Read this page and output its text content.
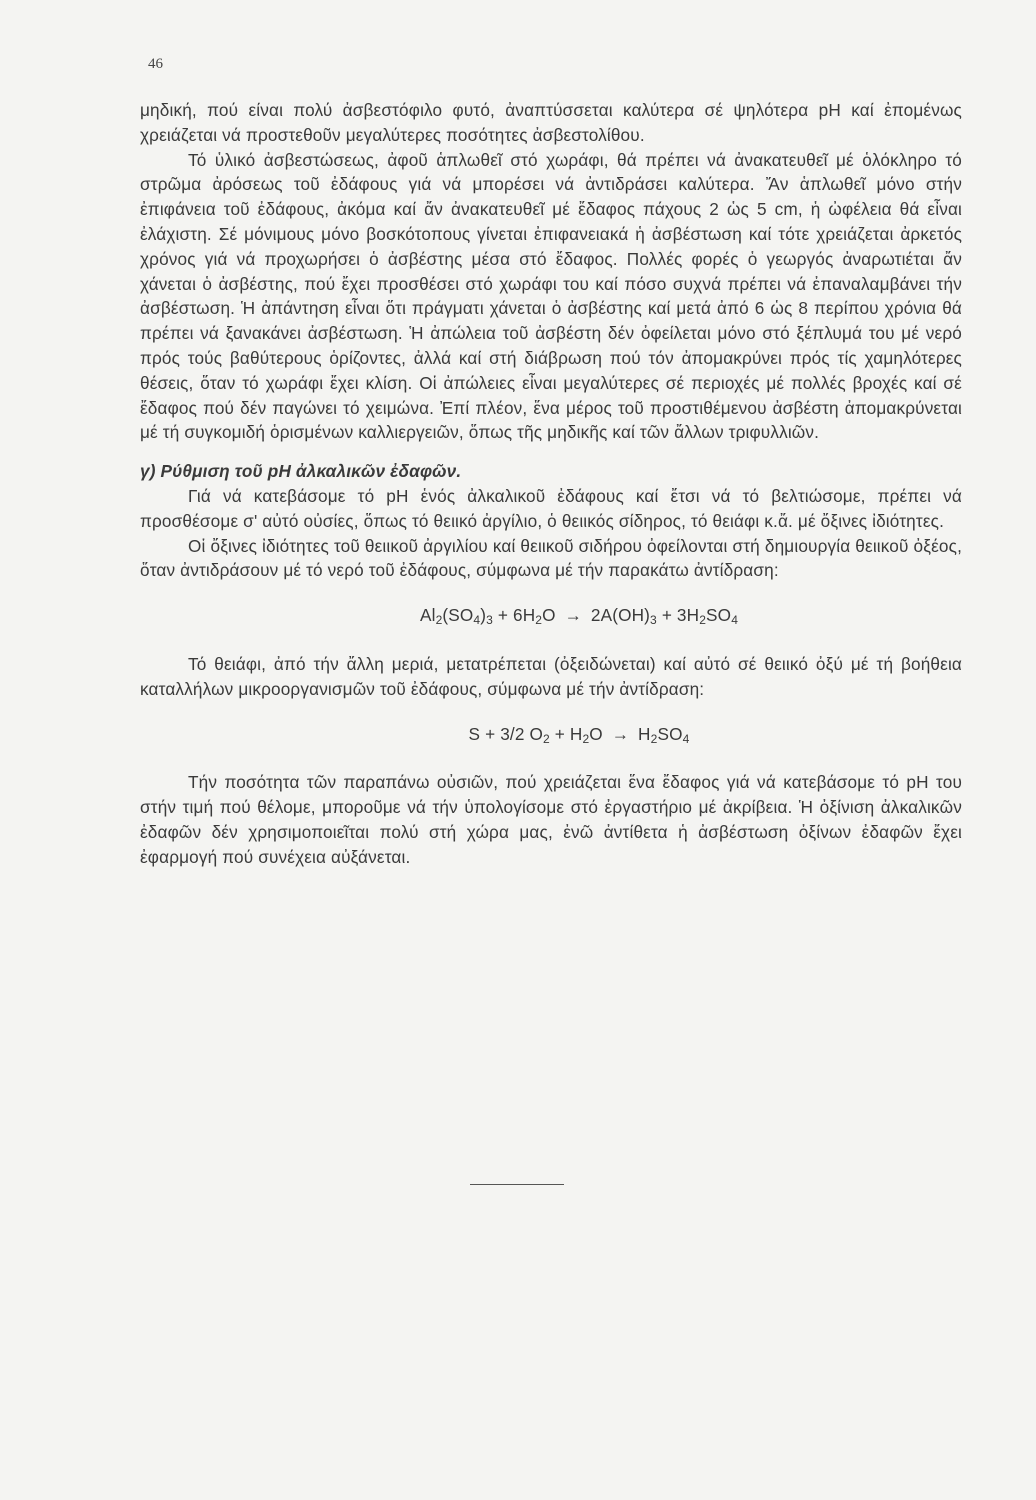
46

μηδική, πού είναι πολύ ἀσβεστόφιλο φυτό, ἀναπτύσσεται καλύτερα σέ ψηλότερα pH καί ἐπομένως χρειάζεται νά προστεθοῦν μεγαλύτερες ποσότητες ἀσβεστολίθου.

Τό ὑλικό ἀσβεστώσεως, ἀφοῦ ἁπλωθεῖ στό χωράφι, θά πρέπει νά ἀνακατευθεῖ μέ ὁλόκληρο τό στρῶμα ἀρόσεως τοῦ ἐδάφους γιά νά μπορέσει νά ἀντιδράσει καλύτερα. Ἄν ἁπλωθεῖ μόνο στήν ἐπιφάνεια τοῦ ἐδάφους, ἀκόμα καί ἄν ἀνακατευθεῖ μέ ἔδαφος πάχους 2 ὡς 5 cm, ἡ ὠφέλεια θά εἶναι ἐλάχιστη. Σέ μόνιμους μόνο βοσκότοπους γίνεται ἐπιφανειακά ἡ ἀσβέστωση καί τότε χρειάζεται ἀρκετός χρόνος γιά νά προχωρήσει ὁ ἀσβέστης μέσα στό ἔδαφος. Πολλές φορές ὁ γεωργός ἀναρωτιέται ἄν χάνεται ὁ ἀσβέστης, πού ἔχει προσθέσει στό χωράφι του καί πόσο συχνά πρέπει νά ἐπαναλαμβάνει τήν ἀσβέστωση. Ἡ ἀπάντηση εἶναι ὅτι πράγματι χάνεται ὁ ἀσβέστης καί μετά ἀπό 6 ὡς 8 περίπου χρόνια θά πρέπει νά ξανακάνει ἀσβέστωση. Ἡ ἀπώλεια τοῦ ἀσβέστη δέν ὀφείλεται μόνο στό ξέπλυμά του μέ νερό πρός τούς βαθύτερους ὁρίζοντες, ἀλλά καί στή διάβρωση πού τόν ἀπομακρύνει πρός τίς χαμηλότερες θέσεις, ὅταν τό χωράφι ἔχει κλίση. Οἱ ἀπώλειες εἶναι μεγαλύτερες σέ περιοχές μέ πολλές βροχές καί σέ ἔδαφος πού δέν παγώνει τό χειμώνα. Ἐπί πλέον, ἕνα μέρος τοῦ προστιθέμενου ἀσβέστη ἀπομακρύνεται μέ τή συγκομιδή ὁρισμένων καλλιεργειῶν, ὅπως τῆς μηδικῆς καί τῶν ἄλλων τριφυλλιῶν.

γ) Ρύθμιση τοῦ pH ἀλκαλικῶν ἐδαφῶν.

Γιά νά κατεβάσομε τό pH ἑνός ἀλκαλικοῦ ἐδάφους καί ἔτσι νά τό βελτιώσομε, πρέπει νά προσθέσομε σ' αὐτό οὐσίες, ὅπως τό θειικό ἀργίλιο, ὁ θειικός σίδηρος, τό θειάφι κ.ἄ. μέ ὄξινες ἰδιότητες.

Οἱ ὄξινες ἰδιότητες τοῦ θειικοῦ ἀργιλίου καί θειικοῦ σιδήρου ὀφείλονται στή δημιουργία θειικοῦ ὀξέος, ὅταν ἀντιδράσουν μέ τό νερό τοῦ ἐδάφους, σύμφωνα μέ τήν παρακάτω ἀντίδραση:

$Al_2(SO_4)_3 + 6H_2O \to 2A(OH)_3 + 3H_2SO_4$

Τό θειάφι, ἀπό τήν ἄλλη μεριά, μετατρέπεται (ὀξειδώνεται) καί αὐτό σέ θειικό ὀξύ μέ τή βοήθεια καταλλήλων μικροοργανισμῶν τοῦ ἐδάφους, σύμφωνα μέ τήν ἀντίδραση:

S + 3/2 $O_2 + H_2O \to H_2SO_4$

Τήν ποσότητα τῶν παραπάνω οὐσιῶν, πού χρειάζεται ἕνα ἔδαφος γιά νά κατεβάσομε τό pH του στήν τιμή πού θέλομε, μποροῦμε νά τήν ὑπολογίσομε στό ἐργαστήριο μέ ἀκρίβεια. Ἡ ὀξίνιση ἀλκαλικῶν ἐδαφῶν δέν χρησιμοποιεῖται πολύ στή χώρα μας, ἐνῶ ἀντίθετα ἡ ἀσβέστωση ὀξίνων ἐδαφῶν ἔχει ἐφαρμογή πού συνέχεια αὐξάνεται.
